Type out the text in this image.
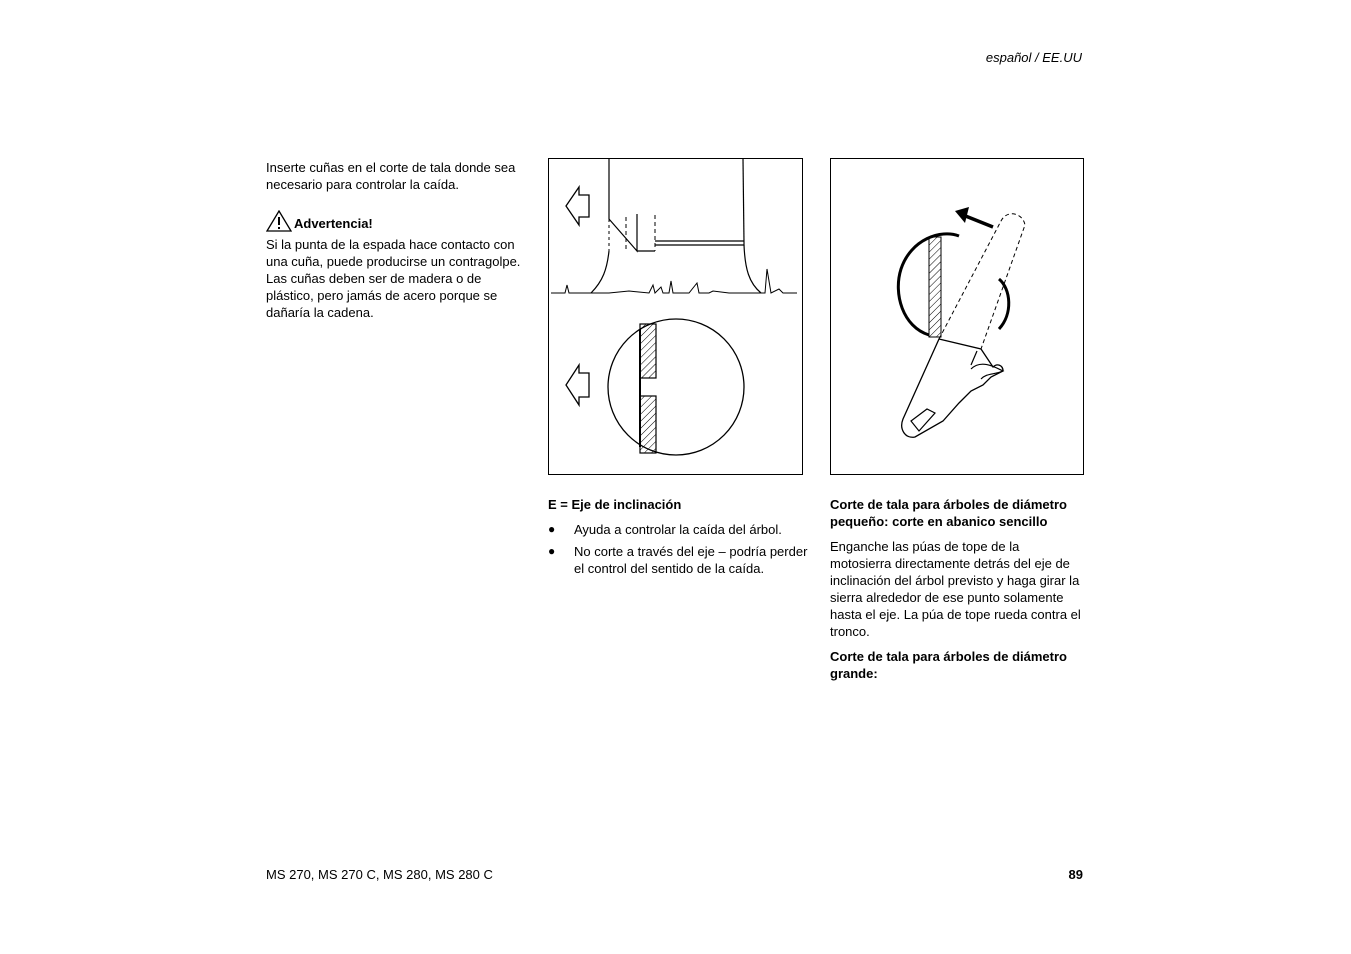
español / EE.UU

Inserte cuñas en el corte de tala donde sea necesario para controlar la caída.

Advertencia!

Si la punta de la espada hace contacto con una cuña, puede producirse un contragolpe. Las cuñas deben ser de madera o de plástico, pero jamás de acero porque se dañaría la cadena.

E = Eje de inclinación

● Ayuda a controlar la caída del árbol.
● No corte a través del eje – podría perder el control del sentido de la caída.

Corte de tala para árboles de diámetro pequeño: corte en abanico sencillo

Enganche las púas de tope de la motosierra directamente detrás del eje de inclinación del árbol previsto y haga girar la sierra alrededor de ese punto solamente hasta el eje. La púa de tope rueda contra el tronco.

Corte de tala para árboles de diámetro grande:

MS 270, MS 270 C, MS 280, MS 280 C	89
